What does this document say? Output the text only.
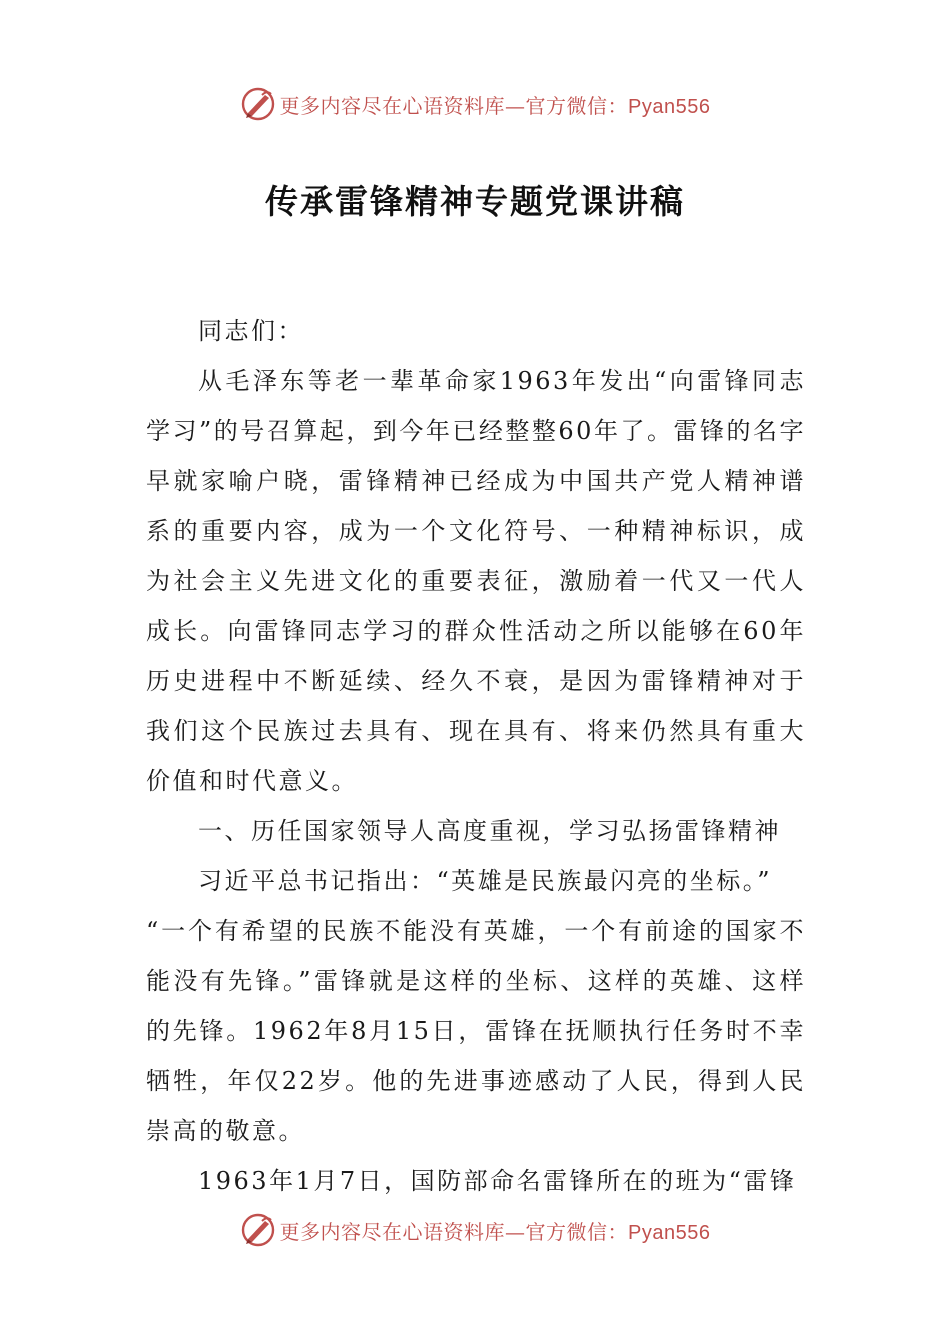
更多内容尽在心语资料库—官方微信：Pyan556
传承雷锋精神专题党课讲稿

同志们：

从毛泽东等老一辈革命家1963年发出“向雷锋同志学习”的号召算起，到今年已经整整60年了。雷锋的名字早就家喻户晓，雷锋精神已经成为中国共产党人精神谱系的重要内容，成为一个文化符号、一种精神标识，成为社会主义先进文化的重要表征，激励着一代又一代人成长。向雷锋同志学习的群众性活动之所以能够在60年历史进程中不断延续、经久不衰，是因为雷锋精神对于我们这个民族过去具有、现在具有、将来仍然具有重大价值和时代意义。

一、历任国家领导人高度重视，学习弘扬雷锋精神

习近平总书记指出：“英雄是民族最闪亮的坐标。”

“一个有希望的民族不能没有英雄，一个有前途的国家不能没有先锋。”雷锋就是这样的坐标、这样的英雄、这样的先锋。1962年8月15日，雷锋在抚顺执行任务时不幸牺牲，年仅22岁。他的先进事迹感动了人民，得到人民崇高的敬意。

1963年1月7日，国防部命名雷锋所在的班为“雷锋

更多内容尽在心语资料库—官方微信：Pyan556
